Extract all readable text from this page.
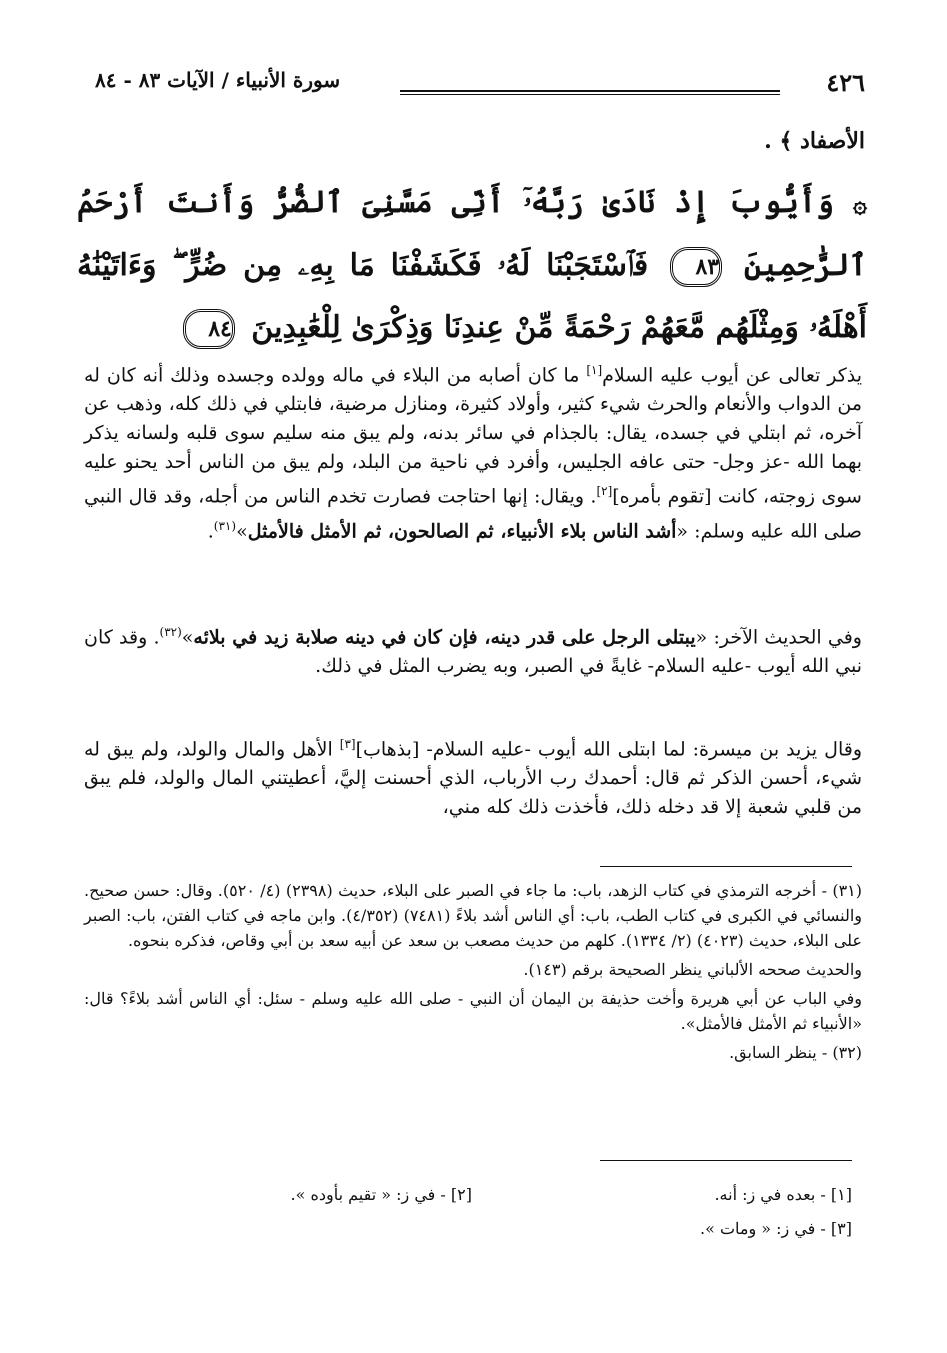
٤٢٦
سورة الأنبياء / الآيات ٨٣ - ٨٤
الأصفاد ﴾ .
۞ وَأَيُّوبَ إِذْ نَادَىٰ رَبَّهُۥٓ أَنِّى مَسَّنِىَ ٱلضُّرُّ وَأَنتَ أَرْحَمُ ٱلرَّٰحِمِينَ ٨٣ فَٱسْتَجَبْنَا لَهُۥ فَكَشَفْنَا مَا بِهِۦ مِن ضُرٍّ ۖ وَءَاتَيْنَٰهُ أَهْلَهُۥ وَمِثْلَهُم مَّعَهُمْ رَحْمَةً مِّنْ عِندِنَا وَذِكْرَىٰ لِلْعَٰبِدِينَ ٨٤
يذكر تعالى عن أيوب عليه السلام[١] ما كان أصابه من البلاء في ماله وولده وجسده وذلك أنه كان له من الدواب والأنعام والحرث شيء كثير، وأولاد كثيرة، ومنازل مرضية، فابتلي في ذلك كله، وذهب عن آخره، ثم ابتلي في جسده، يقال: بالجذام في سائر بدنه، ولم يبق منه سليم سوى قلبه ولسانه يذكر بهما الله -عز وجل- حتى عافه الجليس، وأفرد في ناحية من البلد، ولم يبق من الناس أحد يحنو عليه سوى زوجته، كانت [تقوم بأمره][٢]. ويقال: إنها احتاجت فصارت تخدم الناس من أجله، وقد قال النبي صلى الله عليه وسلم: «أشد الناس بلاء الأنبياء، ثم الصالحون، ثم الأمثل فالأمثل»$^{(٣١)}$.
وفي الحديث الآخر: «يبتلى الرجل على قدر دينه، فإن كان في دينه صلابة زيد في بلائه»$^{(٣٢)}$. وقد كان نبي الله أيوب -عليه السلام- غايةً في الصبر، وبه يضرب المثل في ذلك.
وقال يزيد بن ميسرة: لما ابتلى الله أيوب -عليه السلام- [بذهاب][٣] الأهل والمال والولد، ولم يبق له شيء، أحسن الذكر ثم قال: أحمدك رب الأرباب، الذي أحسنت إليَّ، أعطيتني المال والولد، فلم يبق من قلبي شعبة إلا قد دخله ذلك، فأخذت ذلك كله مني،

(٣١) - أخرجه الترمذي في كتاب الزهد، باب: ما جاء في الصبر على البلاء، حديث (٢٣٩٨) (٤/ ٥٢٠). وقال: حسن صحيح. والنسائي في الكبرى في كتاب الطب، باب: أي الناس أشد بلاءً (٧٤٨١) (٤/٣٥٢). وابن ماجه في كتاب الفتن، باب: الصبر على البلاء، حديث (٤٠٢٣) (٢/ ١٣٣٤). كلهم من حديث مصعب بن سعد عن أبيه سعد بن أبي وقاص، فذكره بنحوه.

والحديث صححه الألباني ينظر الصحيحة برقم (١٤٣).

وفي الباب عن أبي هريرة وأخت حذيفة بن اليمان أن النبي - صلى الله عليه وسلم - سئل: أي الناس أشد بلاءً؟ قال: «الأنبياء ثم الأمثل فالأمثل».

(٣٢) - ينظر السابق.

[١] - بعده في ز: أنه.
[٢] - في ز: « تقيم بأوده ».
[٣] - في ز: « ومات ».
